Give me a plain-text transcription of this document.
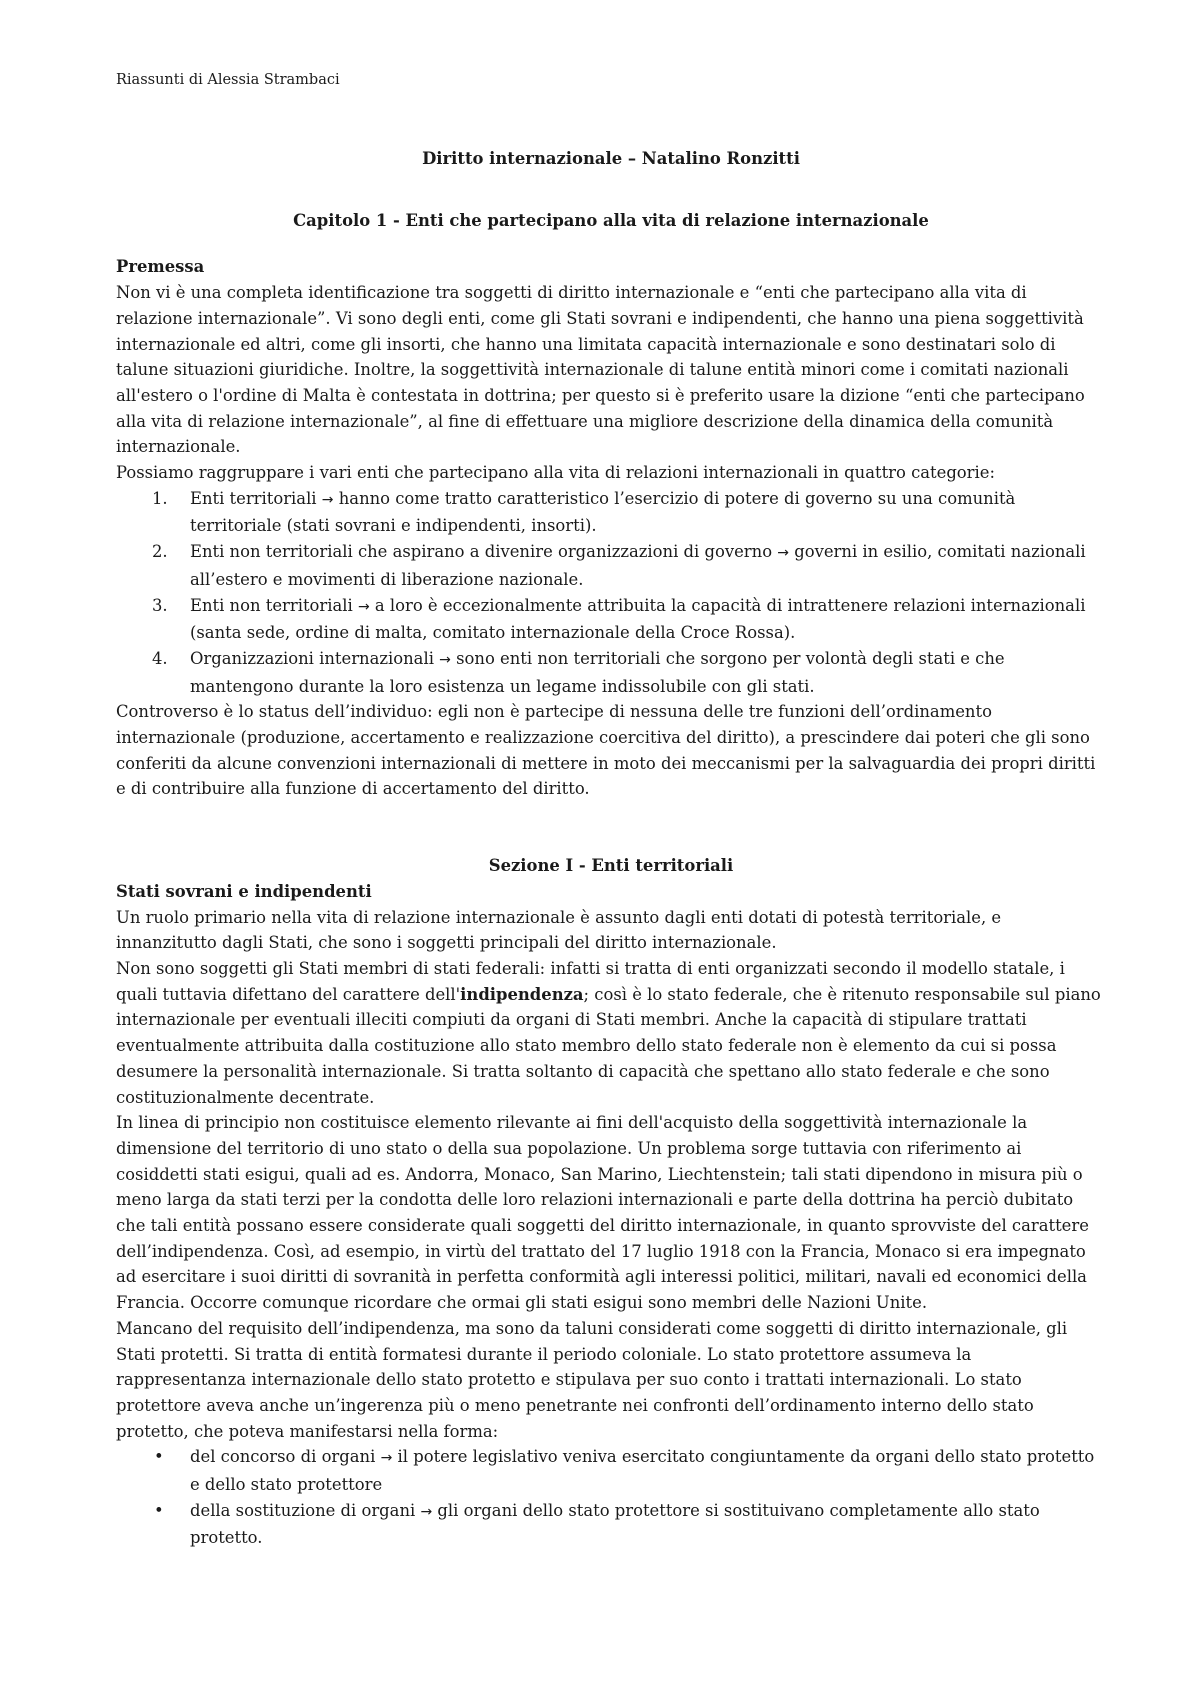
Riassunti di Alessia Strambaci

Diritto internazionale – Natalino Ronzitti

Capitolo 1 - Enti che partecipano alla vita di relazione internazionale

Premessa

Non vi è una completa identificazione tra soggetti di diritto internazionale e “enti che partecipano alla vita di relazione internazionale”. Vi sono degli enti, come gli Stati sovrani e indipendenti, che hanno una piena soggettività internazionale ed altri, come gli insorti, che hanno una limitata capacità internazionale e sono destinatari solo di talune situazioni giuridiche. Inoltre, la soggettività internazionale di talune entità minori come i comitati nazionali all'estero o l'ordine di Malta è contestata in dottrina; per questo si è preferito usare la dizione “enti che partecipano alla vita di relazione internazionale”, al fine di effettuare una migliore descrizione della dinamica della comunità internazionale.

Possiamo raggruppare i vari enti che partecipano alla vita di relazioni internazionali in quattro categorie:

1. Enti territoriali → hanno come tratto caratteristico l’esercizio di potere di governo su una comunità territoriale (stati sovrani e indipendenti, insorti).
2. Enti non territoriali che aspirano a divenire organizzazioni di governo → governi in esilio, comitati nazionali all’estero e movimenti di liberazione nazionale.
3. Enti non territoriali → a loro è eccezionalmente attribuita la capacità di intrattenere relazioni internazionali (santa sede, ordine di malta, comitato internazionale della Croce Rossa).
4. Organizzazioni internazionali → sono enti non territoriali che sorgono per volontà degli stati e che mantengono durante la loro esistenza un legame indissolubile con gli stati.

Controverso è lo status dell’individuo: egli non è partecipe di nessuna delle tre funzioni dell’ordinamento internazionale (produzione, accertamento e realizzazione coercitiva del diritto), a prescindere dai poteri che gli sono conferiti da alcune convenzioni internazionali di mettere in moto dei meccanismi per la salvaguardia dei propri diritti e di contribuire alla funzione di accertamento del diritto.

Sezione I - Enti territoriali

Stati sovrani e indipendenti

Un ruolo primario nella vita di relazione internazionale è assunto dagli enti dotati di potestà territoriale, e innanzitutto dagli Stati, che sono i soggetti principali del diritto internazionale.

Non sono soggetti gli Stati membri di stati federali: infatti si tratta di enti organizzati secondo il modello statale, i quali tuttavia difettano del carattere dell'indipendenza; così è lo stato federale, che è ritenuto responsabile sul piano internazionale per eventuali illeciti compiuti da organi di Stati membri. Anche la capacità di stipulare trattati eventualmente attribuita dalla costituzione allo stato membro dello stato federale non è elemento da cui si possa desumere la personalità internazionale. Si tratta soltanto di capacità che spettano allo stato federale e che sono costituzionalmente decentrate.

In linea di principio non costituisce elemento rilevante ai fini dell'acquisto della soggettività internazionale la dimensione del territorio di uno stato o della sua popolazione. Un problema sorge tuttavia con riferimento ai cosiddetti stati esigui, quali ad es. Andorra, Monaco, San Marino, Liechtenstein; tali stati dipendono in misura più o meno larga da stati terzi per la condotta delle loro relazioni internazionali e parte della dottrina ha perciò dubitato che tali entità possano essere considerate quali soggetti del diritto internazionale, in quanto sprovviste del carattere dell’indipendenza. Così, ad esempio, in virtù del trattato del 17 luglio 1918 con la Francia, Monaco si era impegnato ad esercitare i suoi diritti di sovranità in perfetta conformità agli interessi politici, militari, navali ed economici della Francia. Occorre comunque ricordare che ormai gli stati esigui sono membri delle Nazioni Unite.

Mancano del requisito dell’indipendenza, ma sono da taluni considerati come soggetti di diritto internazionale, gli Stati protetti. Si tratta di entità formatesi durante il periodo coloniale. Lo stato protettore assumeva la rappresentanza internazionale dello stato protetto e stipulava per suo conto i trattati internazionali. Lo stato protettore aveva anche un’ingerenza più o meno penetrante nei confronti dell’ordinamento interno dello stato protetto, che poteva manifestarsi nella forma:

• del concorso di organi → il potere legislativo veniva esercitato congiuntamente da organi dello stato protetto e dello stato protettore
• della sostituzione di organi → gli organi dello stato protettore si sostituivano completamente allo stato protetto.
